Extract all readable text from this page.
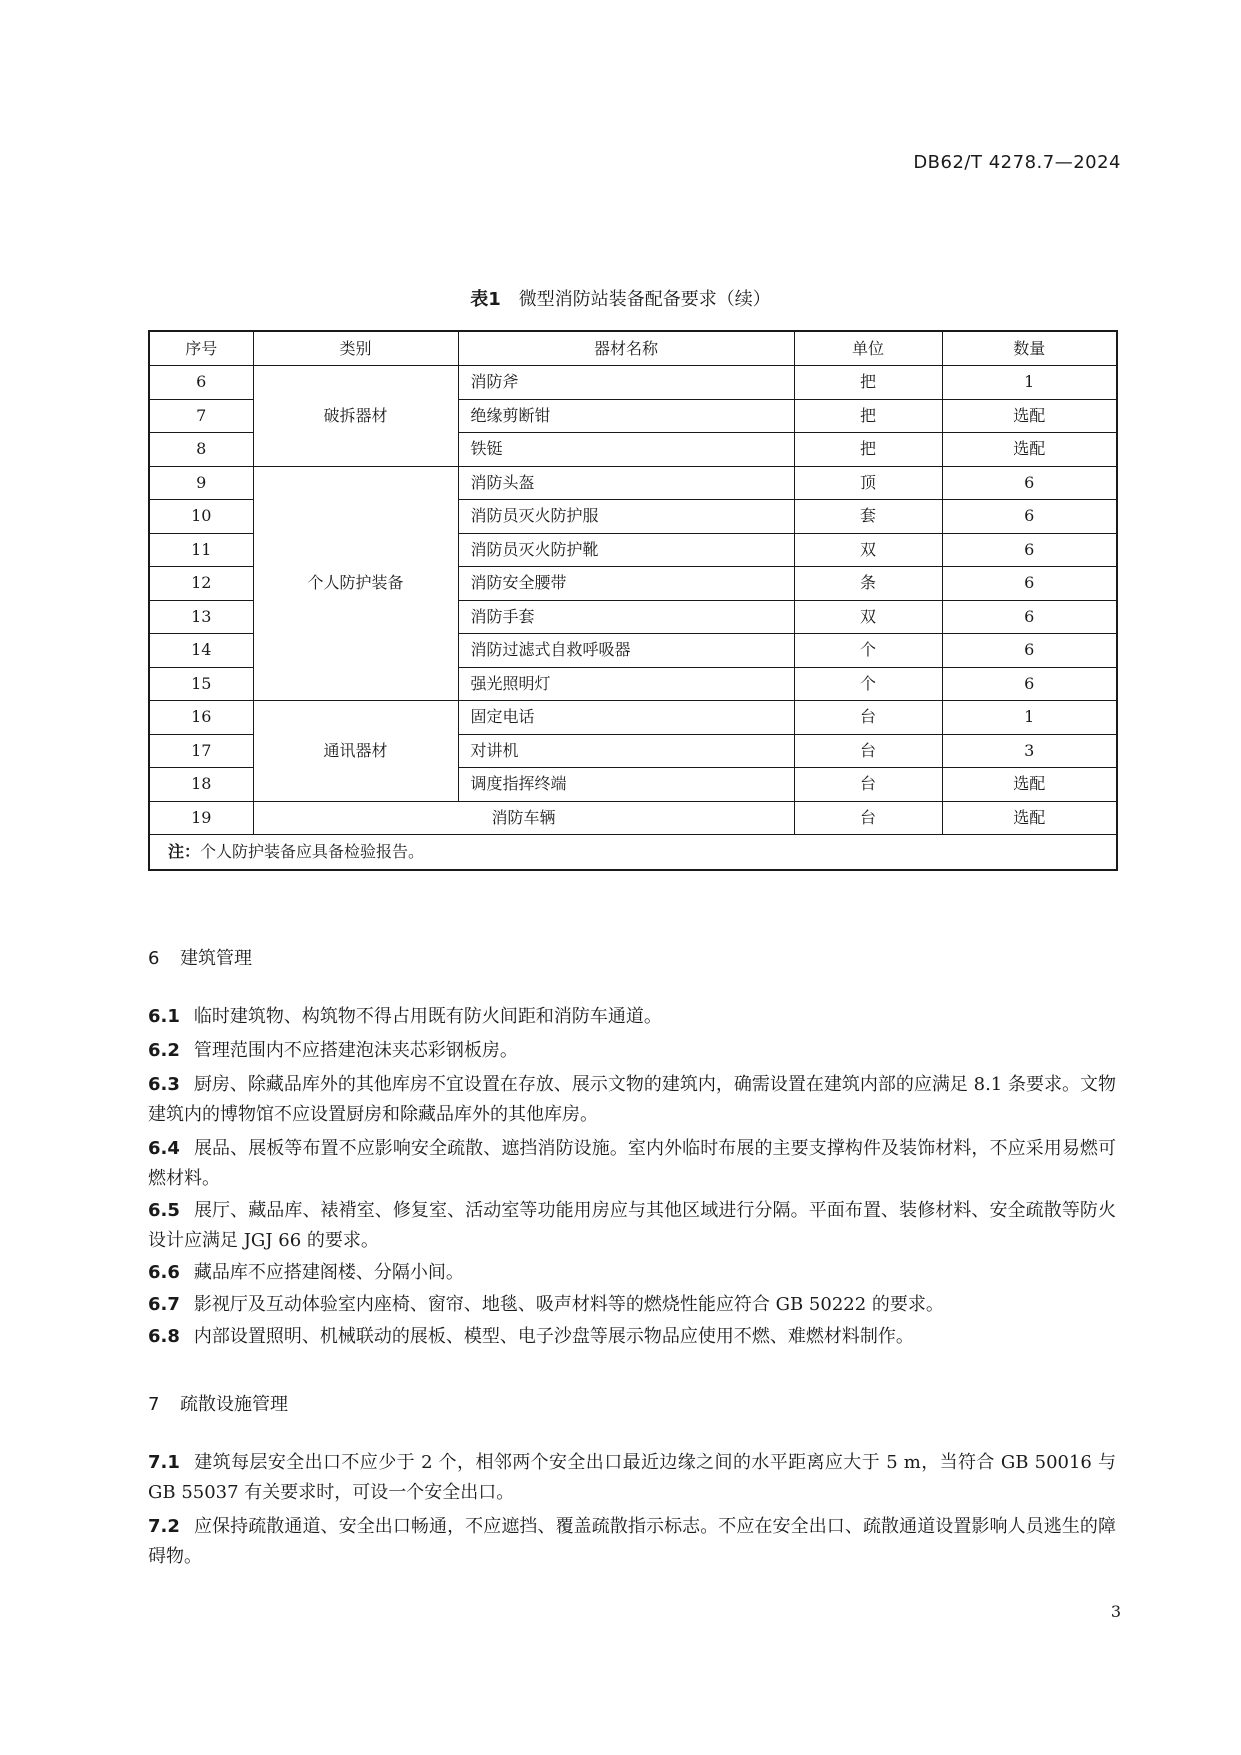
DB62/T 4278.7—2024
表1 微型消防站装备配备要求（续）
序号	类别	器材名称	单位	数量
6	破拆器材	消防斧	把	1
7		绝缘剪断钳	把	选配
8		铁铤	把	选配
9	个人防护装备	消防头盔	顶	6
10		消防员灭火防护服	套	6
11		消防员灭火防护靴	双	6
12		消防安全腰带	条	6
13		消防手套	双	6
14		消防过滤式自救呼吸器	个	6
15		强光照明灯	个	6
16	通讯器材	固定电话	台	1
17		对讲机	台	3
18		调度指挥终端	台	选配
19	消防车辆		台	选配
注：个人防护装备应具备检验报告。				
6 建筑管理
6.1 临时建筑物、构筑物不得占用既有防火间距和消防车通道。
6.2 管理范围内不应搭建泡沫夹芯彩钢板房。
6.3 厨房、除藏品库外的其他库房不宜设置在存放、展示文物的建筑内，确需设置在建筑内部的应满足 8.1 条要求。文物建筑内的博物馆不应设置厨房和除藏品库外的其他库房。
6.4 展品、展板等布置不应影响安全疏散、遮挡消防设施。室内外临时布展的主要支撑构件及装饰材料，不应采用易燃可燃材料。
6.5 展厅、藏品库、裱褙室、修复室、活动室等功能用房应与其他区域进行分隔。平面布置、装修材料、安全疏散等防火设计应满足 JGJ 66 的要求。
6.6 藏品库不应搭建阁楼、分隔小间。
6.7 影视厅及互动体验室内座椅、窗帘、地毯、吸声材料等的燃烧性能应符合 GB 50222 的要求。
6.8 内部设置照明、机械联动的展板、模型、电子沙盘等展示物品应使用不燃、难燃材料制作。
7 疏散设施管理
7.1 建筑每层安全出口不应少于 2 个，相邻两个安全出口最近边缘之间的水平距离应大于 5 m，当符合 GB 50016 与 GB 55037 有关要求时，可设一个安全出口。
7.2 应保持疏散通道、安全出口畅通，不应遮挡、覆盖疏散指示标志。不应在安全出口、疏散通道设置影响人员逃生的障碍物。
3
